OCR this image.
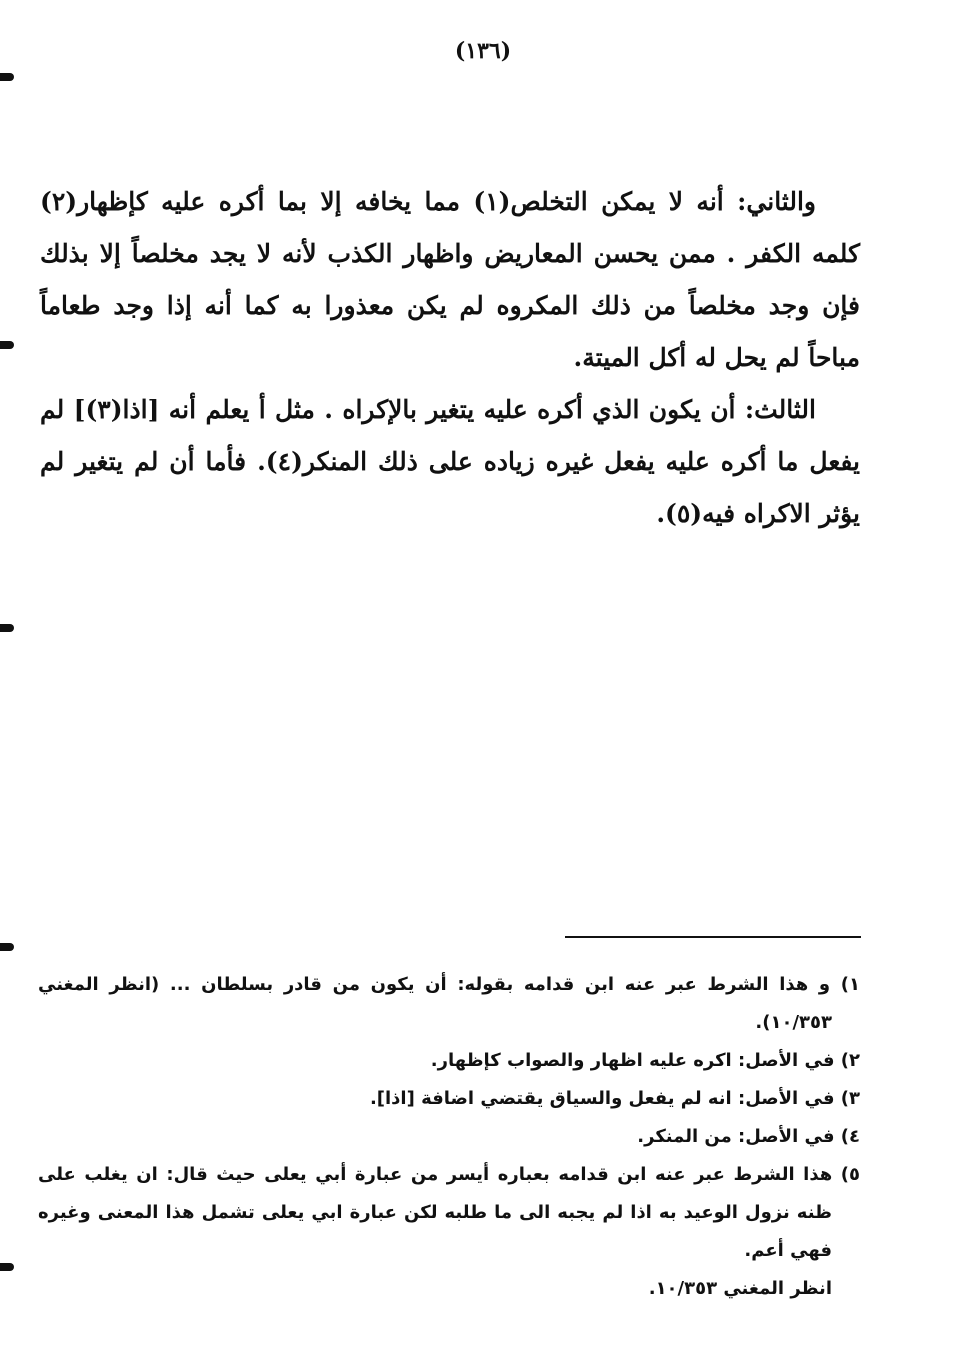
(١٣٦)

والثاني: أنه لا يمكن التخلص(١) مما يخافه إلا بما أكره عليه كإظهار(٢) كلمه الكفر . ممن يحسن المعاريض واظهار الكذب لأنه لا يجد مخلصاً إلا بذلك فإن وجد مخلصاً من ذلك المكروه لم يكن معذورا به كما أنه إذا وجد طعاماً مباحاً لم يحل له أكل الميتة.

الثالث: أن يكون الذي أكره عليه يتغير بالإكراه . مثل أ يعلم أنه [اذا(٣)] لم يفعل ما أكره عليه يفعل غيره زياده على ذلك المنكر(٤). فأما أن لم يتغير لم يؤثر الاكراه فيه(٥).

١) و هذا الشرط عبر عنه ابن قدامه بقوله: أن يكون من قادر بسلطان ... (انظر المغني ١٠/٣٥٣).

٢) في الأصل: اكره عليه اظهار والصواب كإظهار.

٣) في الأصل: انه لم يفعل والسياق يقتضي اضافة [اذا].

٤) في الأصل: من المنكر.

٥) هذا الشرط عبر عنه ابن قدامه بعباره أيسر من عبارة أبي يعلى حيث قال: ان يغلب على ظنه نزول الوعيد به اذا لم يجبه الى ما طلبه لكن عبارة ابي يعلى تشمل هذا المعنى وغيره فهي أعم.

انظر المغني ١٠/٣٥٣.
